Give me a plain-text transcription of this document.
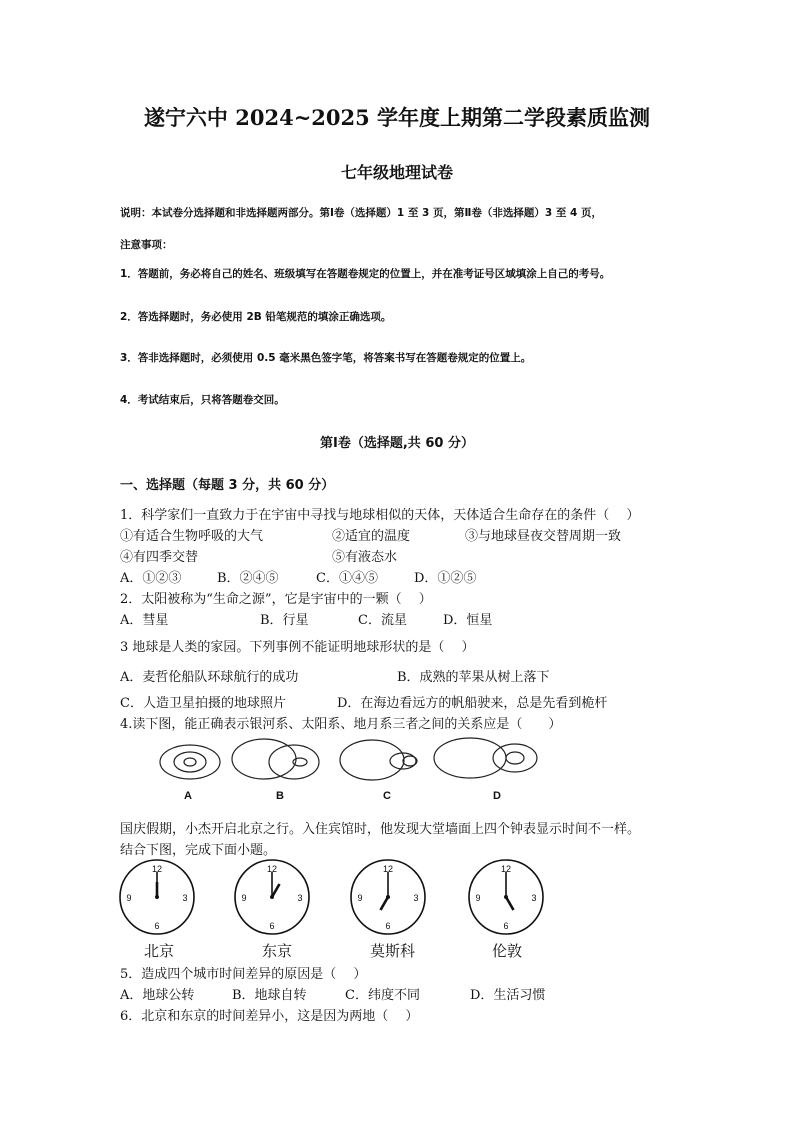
遂宁六中 2024~2025 学年度上期第二学段素质监测
七年级地理试卷
说明：本试卷分选择题和非选择题两部分。第Ⅰ卷（选择题）1 至 3 页，第Ⅱ卷（非选择题）3 至 4 页，
注意事项：
1．答题前，务必将自己的姓名、班级填写在答题卷规定的位置上，并在准考证号区域填涂上自己的考号。
2．答选择题时，务必使用 2B 铅笔规范的填涂正确选项。
3．答非选择题时，必须使用 0.5 毫米黑色签字笔，将答案书写在答题卷规定的位置上。
4．考试结束后，只将答题卷交回。
第Ⅰ卷（选择题,共 60 分）
一、选择题（每题 3 分，共 60 分）
1．科学家们一直致力于在宇宙中寻找与地球相似的天体，天体适合生命存在的条件（　 ）
①有适合生物呼吸的大气	②适宜的温度	③与地球昼夜交替周期一致
④有四季交替	⑤有液态水
A．①②③	B．②④⑤	C．①④⑤	D．①②⑤
2．太阳被称为“生命之源”，它是宇宙中的一颗（　 ）
A．彗星	B．行星	C．流星	D．恒星
3 地球是人类的家园。下列事例不能证明地球形状的是（　 ）
A．麦哲伦船队环球航行的成功	B．成熟的苹果从树上落下
C．人造卫星拍摄的地球照片	D．在海边看远方的帆船驶来，总是先看到桅杆
4.读下图，能正确表示银河系、太阳系、地月系三者之间的关系应是（　　）
A	B	C	D
国庆假期，小杰开启北京之行。入住宾馆时，他发现大堂墙面上四个钟表显示时间不一样。
结合下图，完成下面小题。
12
3
6
9
12
3
6
9
12
3
6
9
12
3
6
9
北京	东京	莫斯科	伦敦
5．造成四个城市时间差异的原因是（　 ）
A．地球公转	B．地球自转	C．纬度不同	D．生活习惯
6．北京和东京的时间差异小，这是因为两地（　 ）
